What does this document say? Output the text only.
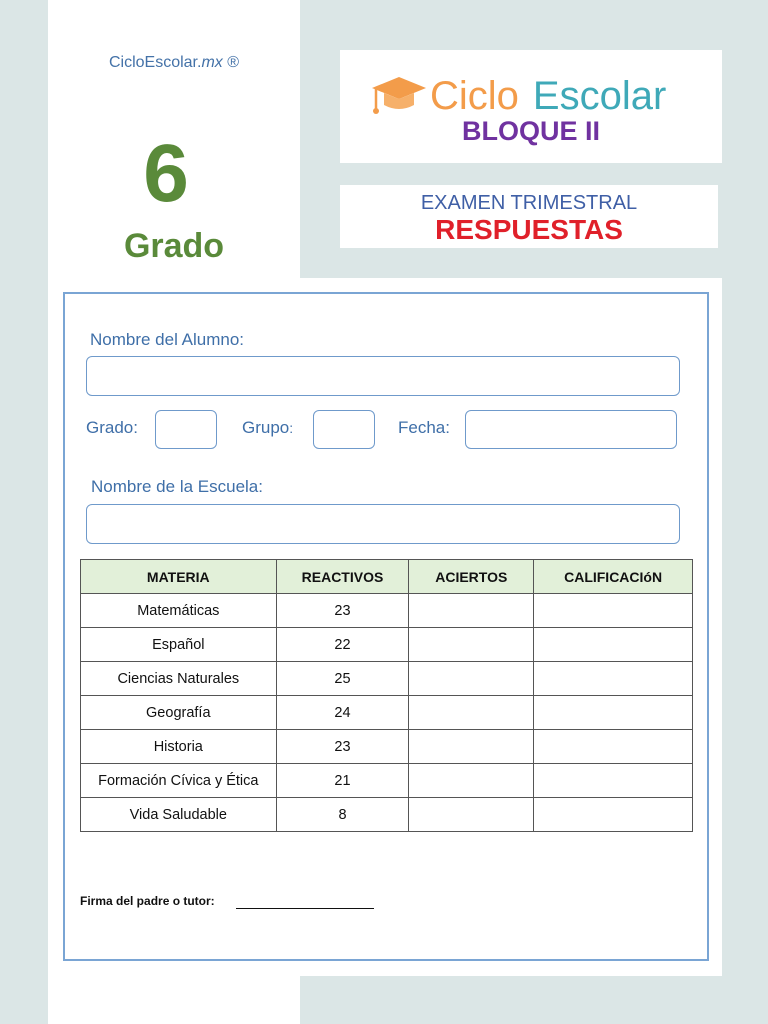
CicloEscolar.mx ®
6
Grado
Ciclo Escolar
BLOQUE II
EXAMEN TRIMESTRAL
RESPUESTAS
Nombre del Alumno:
Grado:	Grupo:	Fecha:
Nombre de la Escuela:
MATERIA	REACTIVOS	ACIERTOS	CALIFICACIóN
Matemáticas	23		
Español	22		
Ciencias Naturales	25		
Geografía	24		
Historia	23		
Formación Cívica y Ética	21		
Vida Saludable	8		
Firma del padre o tutor:
